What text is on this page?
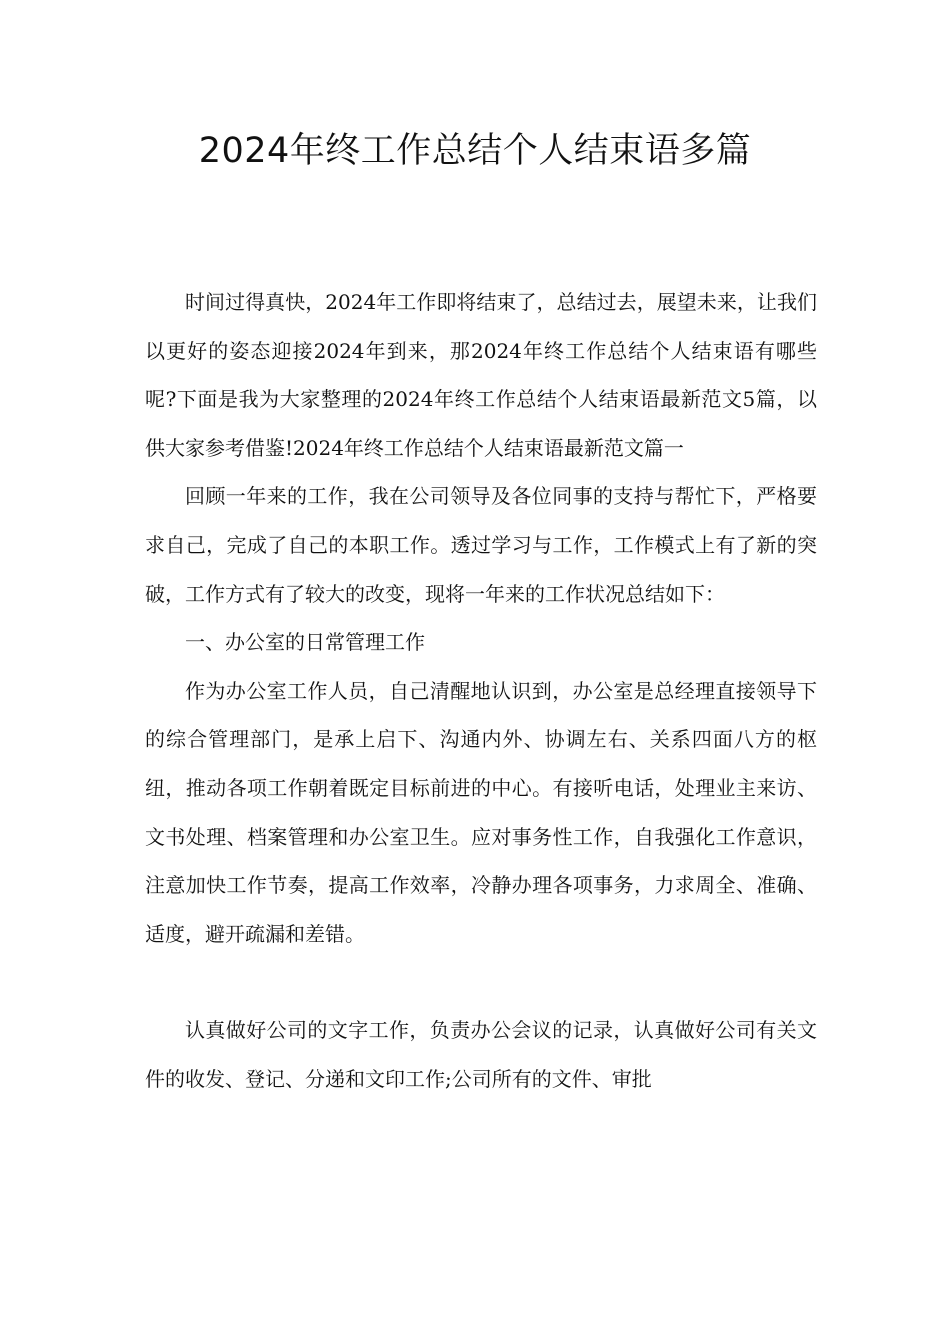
2024年终工作总结个人结束语多篇

时间过得真快，2024年工作即将结束了，总结过去，展望未来，让我们以更好的姿态迎接2024年到来，那2024年终工作总结个人结束语有哪些呢?下面是我为大家整理的2024年终工作总结个人结束语最新范文5篇，以供大家参考借鉴!2024年终工作总结个人结束语最新范文篇一

回顾一年来的工作，我在公司领导及各位同事的支持与帮忙下，严格要求自己，完成了自己的本职工作。透过学习与工作，工作模式上有了新的突破，工作方式有了较大的改变，现将一年来的工作状况总结如下：

一、办公室的日常管理工作

作为办公室工作人员，自己清醒地认识到，办公室是总经理直接领导下的综合管理部门，是承上启下、沟通内外、协调左右、关系四面八方的枢纽，推动各项工作朝着既定目标前进的中心。有接听电话，处理业主来访、文书处理、档案管理和办公室卫生。应对事务性工作，自我强化工作意识，注意加快工作节奏，提高工作效率，冷静办理各项事务，力求周全、准确、适度，避开疏漏和差错。

认真做好公司的文字工作，负责办公会议的记录，认真做好公司有关文件的收发、登记、分递和文印工作;公司所有的文件、审批
